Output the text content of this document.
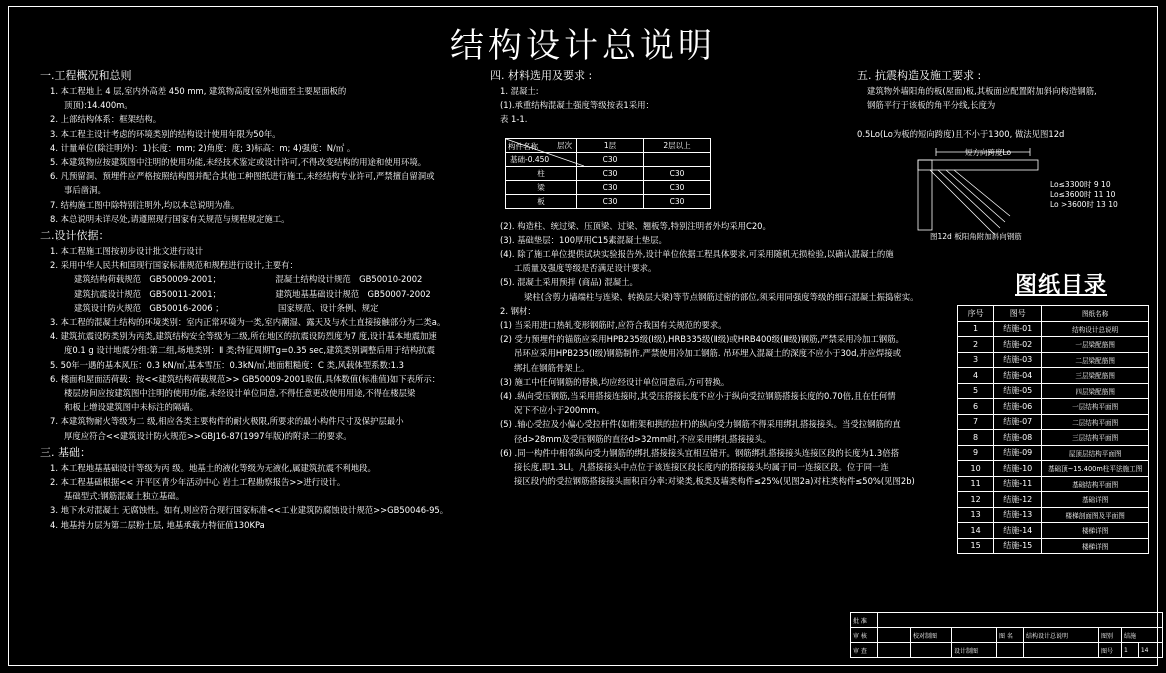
结构设计总说明
一.工程概况和总则
1. 本工程地上 4 层,室内外高差 450 mm, 建筑物高度(室外地面至主要屋面板的
顶顶):14.400m。
2. 上部结构体系：框架结构。
3. 本工程主设计考虑的环境类别的结构设计使用年限为50年。
4. 计量单位(除注明外)：1)长度：mm; 2)角度：度; 3)标高：m; 4)强度：N/㎡ 。
5. 本建筑物应按建筑图中注明的使用功能,未经技术鉴定或设计许可,不得改变结构的用途和使用环境。
6. 凡预留洞、预埋件应严格按照结构图并配合其他工种图纸进行施工,未经结构专业许可,严禁擅自留洞或
事后凿洞。
7. 结构施工图中除特别注明外,均以本总说明为准。
8. 本总说明未详尽处,请遵照现行国家有关规范与规程规定施工。
二.设计依据：
1. 本工程施工图按初步设计批文进行设计
2. 采用中华人民共和国现行国家标准规范和规程进行设计,主要有：
建筑结构荷载规范　GB50009-2001；　　　　　　　混凝土结构设计规范　GB50010-2002
建筑抗震设计规范　GB50011-2001；　　　　　　　建筑地基基础设计规范　GB50007-2002
建筑设计防火规范　GB50016-2006 ；　　　　　　　国家规范、设计条例、规定
3. 本工程的混凝土结构的环境类别：室内正常环境为一类,室内潮湿、露天及与水土直接接触部分为二类a。
4. 建筑抗震设防类别为丙类,建筑结构安全等级为二级,所在地区的抗震设防烈度为7 度,设计基本地震加速
度0.1 g 设计地震分组:第二组,场地类别：Ⅱ 类;特征周期Tg=0.35 sec,建筑类别调整后用于结构抗震
5. 50年一遇的基本风压：0.3 kN/㎡,基本雪压：0.3kN/㎡,地面粗糙度：C 类,风载体型系数:1.3
6. 楼面和屋面活荷载：按<<建筑结构荷载规范>> GB50009-2001取值,具体数值(标准值)如下表所示：
楼层房间应按建筑图中注明的使用功能,未经设计单位同意,不得任意更改使用用途,不得在楼层梁
和板上增设建筑图中未标注的隔墙。
7. 本建筑物耐火等级为二 级,相应各类主要构件的耐火极限,所要求的最小构件尺寸及保护层最小
厚度应符合<<建筑设计防火规范>>GBJ16-87(1997年版)的附录二的要求。
三. 基础：
1. 本工程地基基础设计等级为丙 级。地基土的液化等级为无液化,属建筑抗震不利地段。
2. 本工程基础根据<< 开平区青少年活动中心 岩土工程勘察报告>>进行设计。
基础型式:钢筋混凝土独立基础。
3. 地下水对混凝土 无腐蚀性。如有,则应符合现行国家标准<<工业建筑防腐蚀设计规范>>GB50046-95。
4. 地基持力层为第二层粉土层, 地基承载力特征值130KPa
四. 材料选用及要求 :
1. 混凝土:
(1).承重结构混凝土强度等级按表1采用：
表 1-1.
(2). 构造柱、统过梁、压顶梁、过梁、翘板等,特别注明者外均采用C20。
(3). 基础垫层：100厚用C15素混凝土垫层。
(4). 除了施工单位提供试块实验报告外,设计单位依据工程具体要求,可采用随机无损检验,以确认混凝土的施
工质量及强度等级是否满足设计要求。
(5). 混凝土采用预拌 (商品) 混凝土。
梁柱(含剪力墙端柱与连梁、转换层大梁)等节点钢筋过密的部位,须采用同强度等级的细石混凝土振捣密实。
2. 钢材：
(1) 当采用进口热轧变形钢筋时,应符合我国有关规范的要求。
(2) 受力预埋件的锚筋应采用HPB235级(Ⅰ级),HRB335级(Ⅱ级)或HRB400级(Ⅲ级)钢筋,严禁采用冷加工钢筋。
吊环应采用HPB235(Ⅰ级)钢筋制作,严禁使用冷加工钢筋. 吊环埋入混凝土的深度不应小于30d,并应焊接或
绑扎在钢筋骨架上。
(3) 施工中任何钢筋的替换,均应经设计单位同意后,方可替换。
(4) .纵向受压钢筋,当采用搭接连接时,其受压搭接长度不应小于纵向受拉钢筋搭接长度的0.70倍,且在任何情
况下不应小于200mm。
(5) .轴心受拉及小偏心受拉杆件(如桁架和拱的拉杆)的纵向受力钢筋不得采用绑扎搭接接头。当受拉钢筋的直
径d>28mm及受压钢筋的直径d>32mm时,不应采用绑扎搭接接头。
(6) .同一构件中相邻纵向受力钢筋的绑扎搭接接头宜相互错开。钢筋绑扎搭接接头连接区段的长度为1.3倍搭
接长度,即1.3Ll。凡搭接接头中点位于该连接区段长度内的搭接接头均属于同一连接区段。位于同一连
接区段内的受拉钢筋搭接接头面积百分率:对梁类,板类及墙类构件≤25%(见图2a)对柱类构件≤50%(见图2b)
层次
构件名称	1层	2层以上

基础-0.450	C30	
柱	C30	C30
梁	C30	C30
板	C30	C30
五. 抗震构造及施工要求 :
建筑物外墙阳角的板(屋面)板,其板面应配置附加斜向构造钢筋,
钢筋平行于该板的角平分线,长度为

0.5Lo(Lo为板的短向跨度)且不小于1300, 做法见图12d
短方向跨度Lo
Lo≤3300时 9 10
Lo≤3600时 11 10
Lo >3600时 13 10
图12d 板阳角附加斜向钢筋
图纸目录
序号	图号	图纸名称
1	结施-01	结构设计总说明
2	结施-02	一层梁配筋图
3	结施-03	二层梁配筋图
4	结施-04	三层梁配筋图
5	结施-05	四层梁配筋图
6	结施-06	一层结构平面图
7	结施-07	二层结构平面图
8	结施-08	三层结构平面图
9	结施-09	屋顶层结构平面图
10	结施-10	基础顶~15.400m柱平法施工图
11	结施-11	基础结构平面图
12	结施-12	基础详图
13	结施-13	楼梯剖面图及平面图
14	结施-14	楼梯详图
15	结施-15	楼梯详图
批 准								
审 核		校对制图		图 名	结构设计总说明	图别	结施	
审 查			设计制图			图号	1	14
